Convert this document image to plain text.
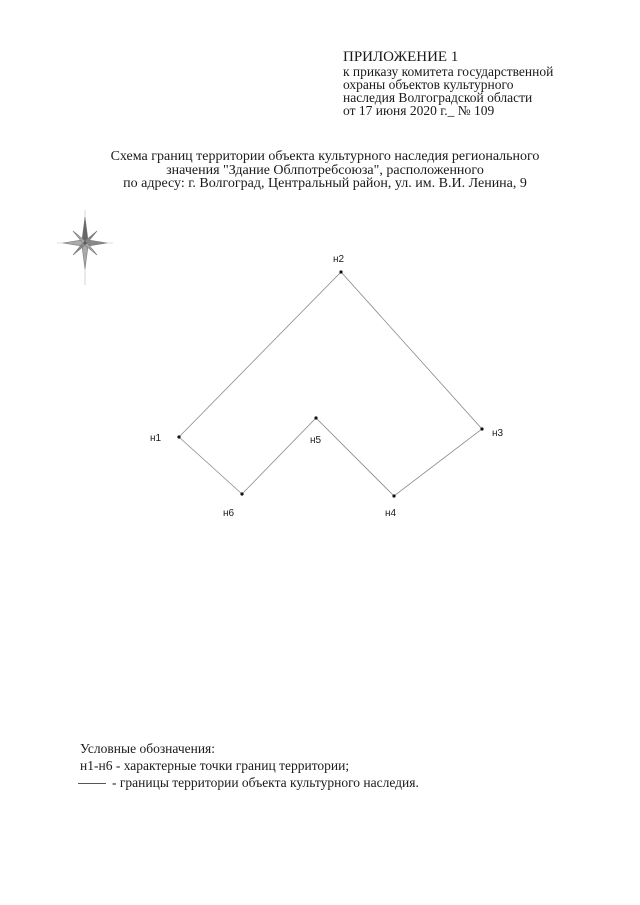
ПРИЛОЖЕНИЕ 1
к приказу комитета государственной
охраны объектов культурного
наследия Волгоградской области
от 17 июня 2020 г._ № 109
Схема границ территории объекта культурного наследия регионального
значения "Здание Облпотребсоюза", расположенного
по адресу: г. Волгоград, Центральный район, ул. им. В.И. Ленина, 9
н1
н2
н3
н4
н5
н6
Условные обозначения:
н1-н6 - характерные точки границ территории;
- границы территории объекта культурного наследия.
